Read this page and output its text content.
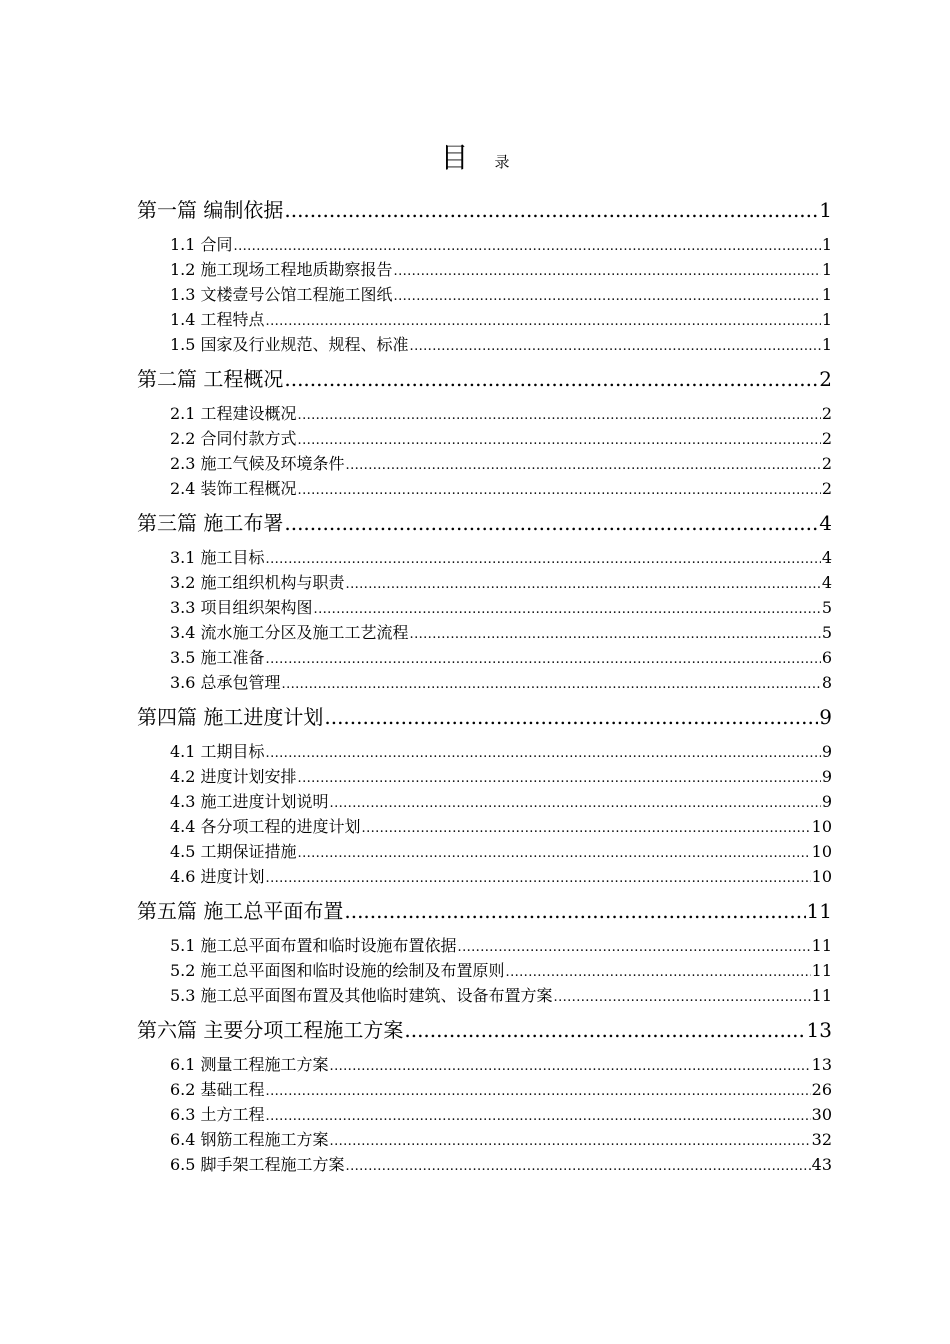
目 录
第一篇 编制依据 .....	1
1.1 合同 .....	1
1.2 施工现场工程地质勘察报告 .....	1
1.3 文楼壹号公馆工程施工图纸 .....	1
1.4 工程特点 .....	1
1.5 国家及行业规范、规程、标准 .....	1
第二篇 工程概况 .....	2
2.1 工程建设概况 .....	2
2.2 合同付款方式 .....	2
2.3 施工气候及环境条件 .....	2
2.4 装饰工程概况 .....	2
第三篇 施工布署 .....	4
3.1 施工目标 .....	4
3.2 施工组织机构与职责 .....	4
3.3 项目组织架构图 .....	5
3.4 流水施工分区及施工工艺流程 .....	5
3.5 施工准备 .....	6
3.6 总承包管理 .....	8
第四篇 施工进度计划 .....	9
4.1 工期目标 .....	9
4.2 进度计划安排 .....	9
4.3 施工进度计划说明 .....	9
4.4 各分项工程的进度计划 .....	10
4.5 工期保证措施 .....	10
4.6 进度计划 .....	10
第五篇 施工总平面布置 .....	11
5.1 施工总平面布置和临时设施布置依据 .....	11
5.2 施工总平面图和临时设施的绘制及布置原则 .....	11
5.3 施工总平面图布置及其他临时建筑、设备布置方案 .....	11
第六篇 主要分项工程施工方案 .....	13
6.1 测量工程施工方案 .....	13
6.2 基础工程 .....	26
6.3 土方工程 .....	30
6.4 钢筋工程施工方案 .....	32
6.5 脚手架工程施工方案 .....	43
